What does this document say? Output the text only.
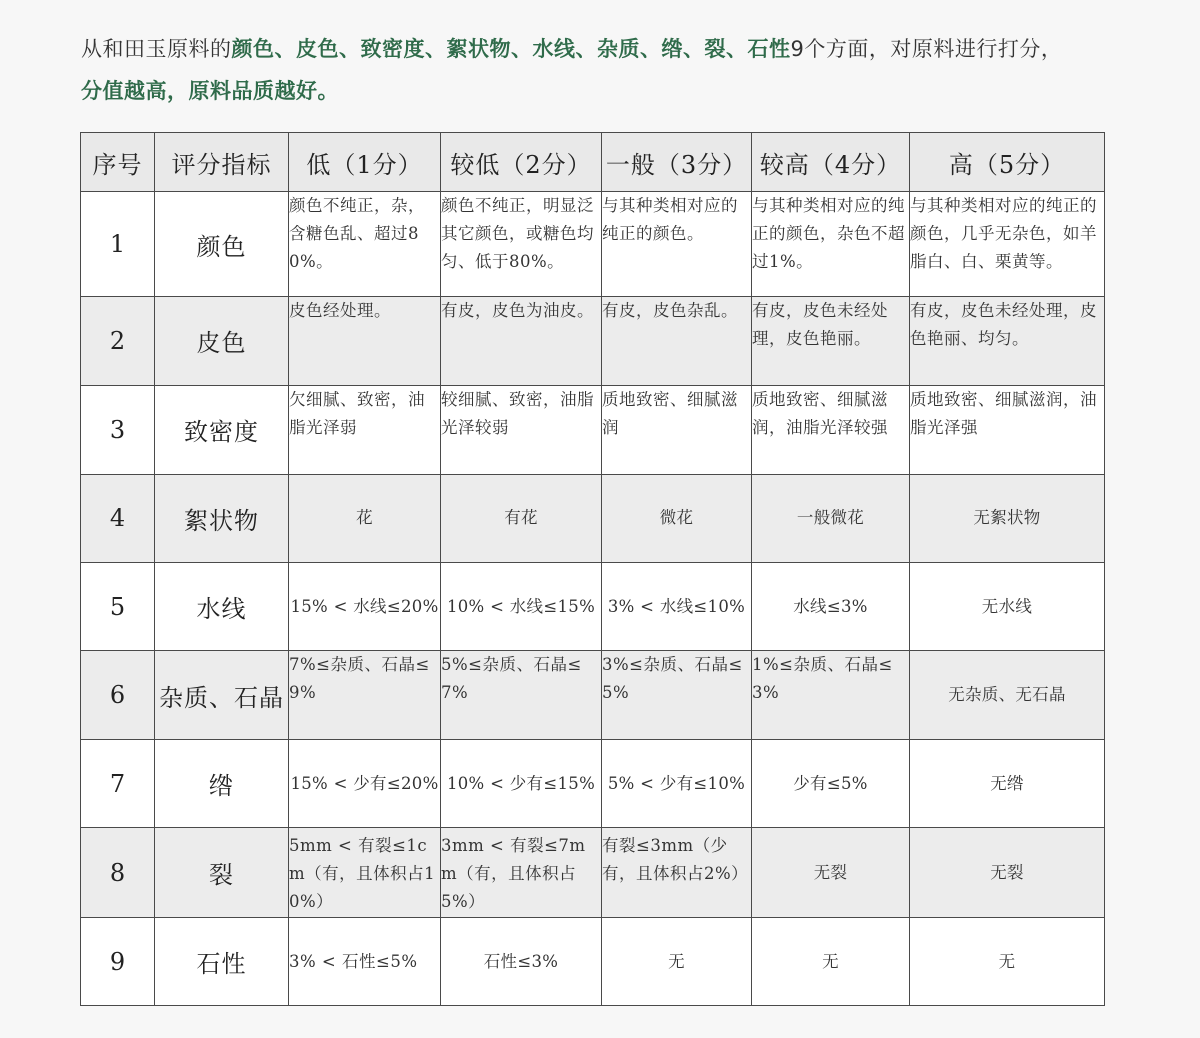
从和田玉原料的颜色、皮色、致密度、絮状物、水线、杂质、绺、裂、石性9个方面，对原料进行打分，
分值越高，原料品质越好。
序号	评分指标	低（1分）	较低（2分）	一般（3分）	较高（4分）	高（5分）
1	颜色	颜色不纯正，杂，含糖色乱、超过80%。	颜色不纯正，明显泛其它颜色，或糖色均匀、低于80%。	与其种类相对应的纯正的颜色。	与其种类相对应的纯正的颜色，杂色不超过1%。	与其种类相对应的纯正的颜色，几乎无杂色，如羊脂白、白、栗黄等。
2	皮色	皮色经处理。	有皮，皮色为油皮。	有皮，皮色杂乱。	有皮，皮色未经处理，皮色艳丽。	有皮，皮色未经处理，皮色艳丽、均匀。
3	致密度	欠细腻、致密，油脂光泽弱	较细腻、致密，油脂光泽较弱	质地致密、细腻滋润	质地致密、细腻滋润，油脂光泽较强	质地致密、细腻滋润，油脂光泽强
4	絮状物	花	有花	微花	一般微花	无絮状物
5	水线	15% < 水线≤20%	10% < 水线≤15%	3% < 水线≤10%	水线≤3%	无水线
6	杂质、石晶	7%≤杂质、石晶≤9%	5%≤杂质、石晶≤7%	3%≤杂质、石晶≤5%	1%≤杂质、石晶≤3%	无杂质、无石晶
7	绺	15% < 少有≤20%	10% < 少有≤15%	5% < 少有≤10%	少有≤5%	无绺
8	裂	5mm < 有裂≤1cm（有，且体积占10%）	3mm < 有裂≤7mm（有，且体积占5%）	有裂≤3mm（少有，且体积占2%）	无裂	无裂
9	石性	3% < 石性≤5%	石性≤3%	无	无	无
